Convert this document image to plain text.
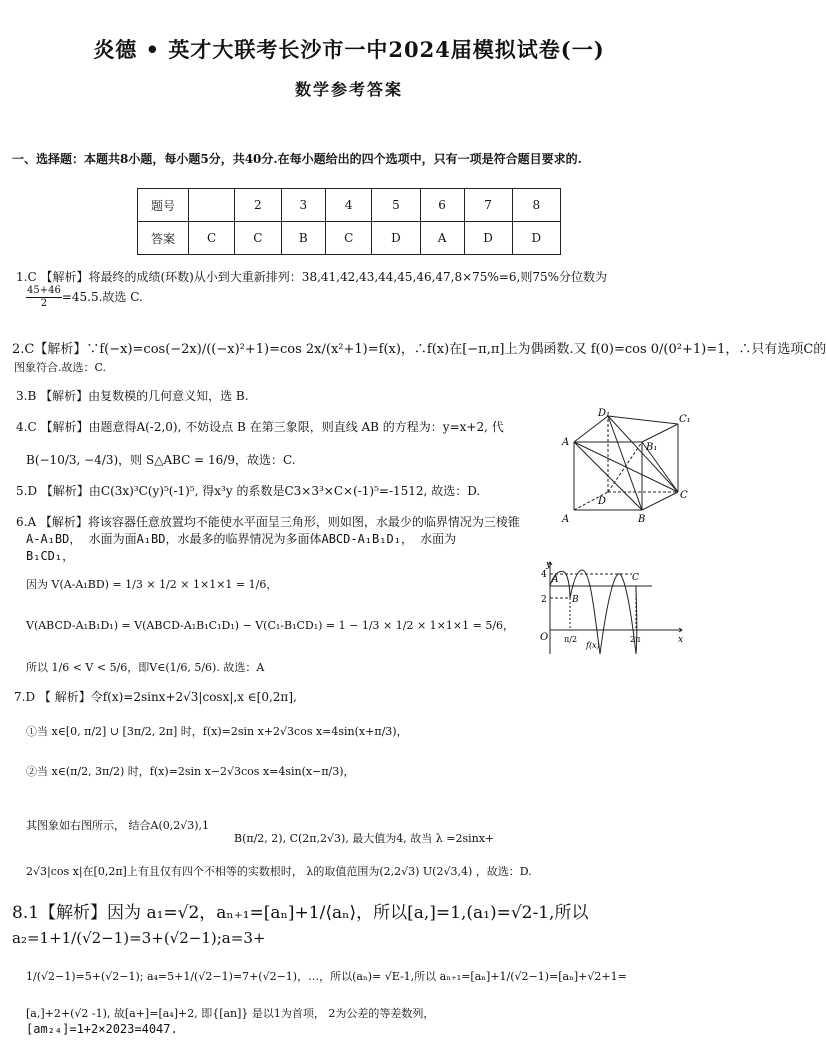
炎德 • 英才大联考长沙市一中2024届模拟试卷(一)
数学参考答案
一、选择题：本题共8小题，每小题5分，共40分.在每小题给出的四个选项中，只有一项是符合题目要求的.
题号		2	3	4	5	6	7	8
答案	C	C	B	C	D	A	D	D
1.C 【解析】将最终的成绩(环数)从小到大重新排列：38,41,42,43,44,45,46,47,8×75%=6,则75%分位数为
$\frac{45+46}{2} =45.5$.故选 C.
2.C【解析】∵f(−x)=cos(−2x)/((−x)²+1)=cos 2x/(x²+1)=f(x)，∴f(x)在[−π,π]上为偶函数.又 f(0)=cos 0/(0²+1)=1，∴只有选项C的
图象符合.故选：C.
3.B 【解析】由复数模的几何意义知，选 B.
4.C 【解析】由题意得A(-2,0), 不妨设点 B 在第三象限，则直线 AB 的方程为：y=x+2, 代
B(−10/3, −4/3)，则 S△ABC = 16/9，故选：C.
5.D 【解析】由C(3x)³C(y)⁵(-1)⁵, 得x³y 的系数是C3×3³×C×(-1)⁵=-1512, 故选：D.
A
D₁
C₁
B₁
D
C
A	B
6.A 【解析】将该容器任意放置均不能使水平面呈三角形，则如图，水最少的临界情况为三棱锥
A-A₁BD， 水面为面A₁BD，水最多的临界情况为多面体ABCD-A₁B₁D₁， 水面为
B₁CD₁，
因为 V(A-A₁BD) = 1/3 × 1/2 × 1×1×1 = 1/6，
V(ABCD-A₁B₁D₁) = V(ABCD-A₁B₁C₁D₁) − V(C₁-B₁CD₁) = 1 − 1/3 × 1/2 × 1×1×1 = 5/6，
所以 1/6 < V < 5/6，即V∈(1/6, 5/6). 故选：A
y
x
O
4
2
A
B
C
π/2
f(x)
2π
7.D 【 解析】令f(x)=2sinx+2√3|cosx|,x ∈[0,2π],
①当 x∈[0, π/2] ∪ [3π/2, 2π] 时，f(x)=2sin x+2√3cos x=4sin(x+π/3)，
②当 x∈(π/2, 3π/2) 时，f(x)=2sin x−2√3cos x=4sin(x−π/3)，
其图象如右图所示， 结合A(0,2√3),1
B(π/2, 2), C(2π,2√3), 最大值为4, 故当 λ =2sinx+
2√3|cos x|在[0,2π]上有且仅有四个不相等的实数根时， λ的取值范围为(2,2√3) U(2√3,4) ，故选：D.
8.1【解析】因为 a₁=√2，aₙ₊₁=[aₙ]+1/⟨aₙ⟩，所以[a,]=1,(a₁)=√2-1,所以
a₂=1+1/(√2−1)=3+(√2−1);a=3+
1/(√2−1)=5+(√2−1); a₄=5+1/(√2−1)=7+(√2−1)，…，所以(aₙ)= √E-1,所以 aₙ₊₁=[aₙ]+1/(√2−1)=[aₙ]+√2+1=
[a,]+2+(√2 -1), 故[a+]=[a₄]+2, 即{[an]} 是以1为首项， 2为公差的等差数列，
[am₂₄]=1+2×2023=4047.
